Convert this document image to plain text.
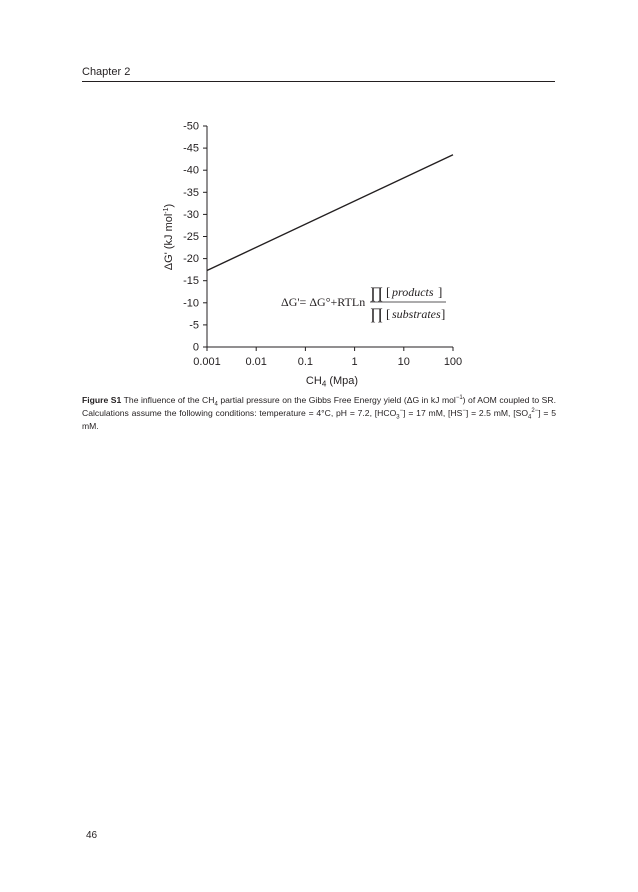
Chapter 2
0
-5
-10
-15
-20
-25
-30
-35
-40
-45
-50
0.001 0.01	0.1	1	10	100
$CH_4$ (Mpa)
ΔG' (kJ mol$^{-1}$)
ΔG'= ΔG°+RTLn ∏ [ products ]
∏ [ substrates ]
Figure S1 The influence of the $CH_4$ partial pressure on the Gibbs Free Energy yield (ΔG in kJ mol$^{-1}$) of AOM coupled to SR. Calculations assume the following conditions: temperature = 4°C, pH = 7.2, $[HCO_3^-] = 17$ mM, [HS−] = 2.5 mM, $[SO_4^{2-}] = 5$ mM.
46
